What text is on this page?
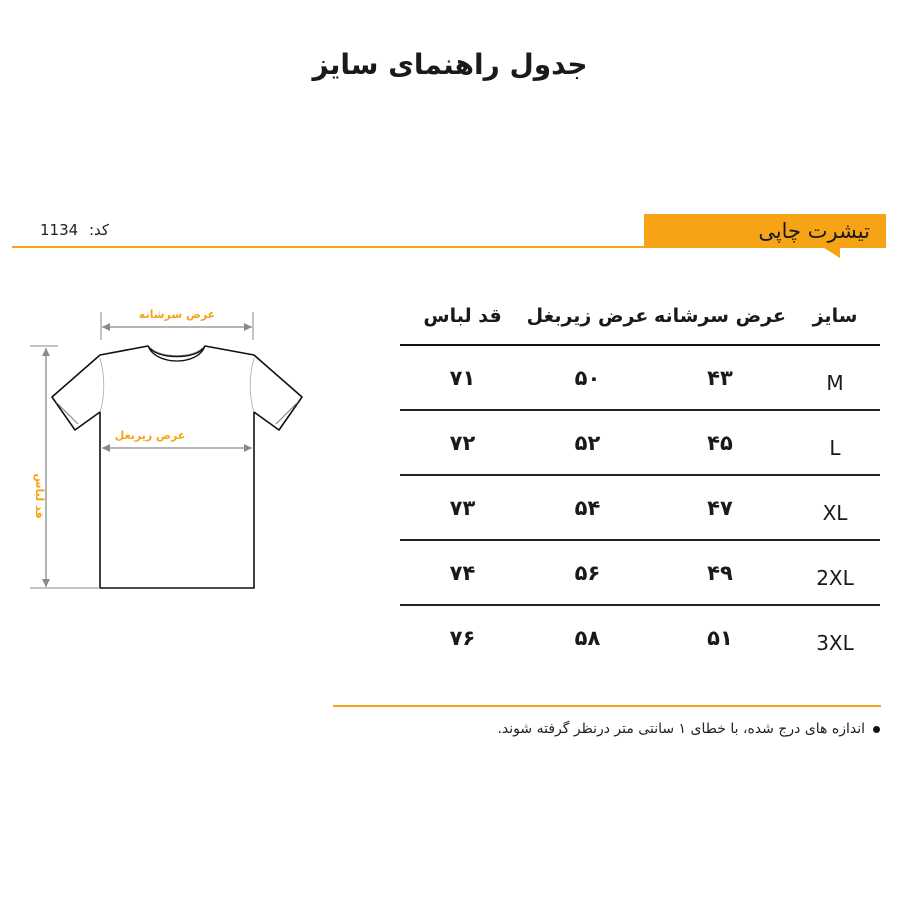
جدول راهنمای سایز
تیشرت چاپی
کد: 1134
عرض سرشانه
عرض زیربغل
قد لباس
سایز
عرض سرشانه
عرض زیربغل
قد لباس
M
۴۳
۵۰
۷۱
L
۴۵
۵۲
۷۲
XL
۴۷
۵۴
۷۳
2XL
۴۹
۵۶
۷۴
3XL
۵۱
۵۸
۷۶
اندازه های درج شده، با خطای ۱ سانتی متر درنظر گرفته شوند.
